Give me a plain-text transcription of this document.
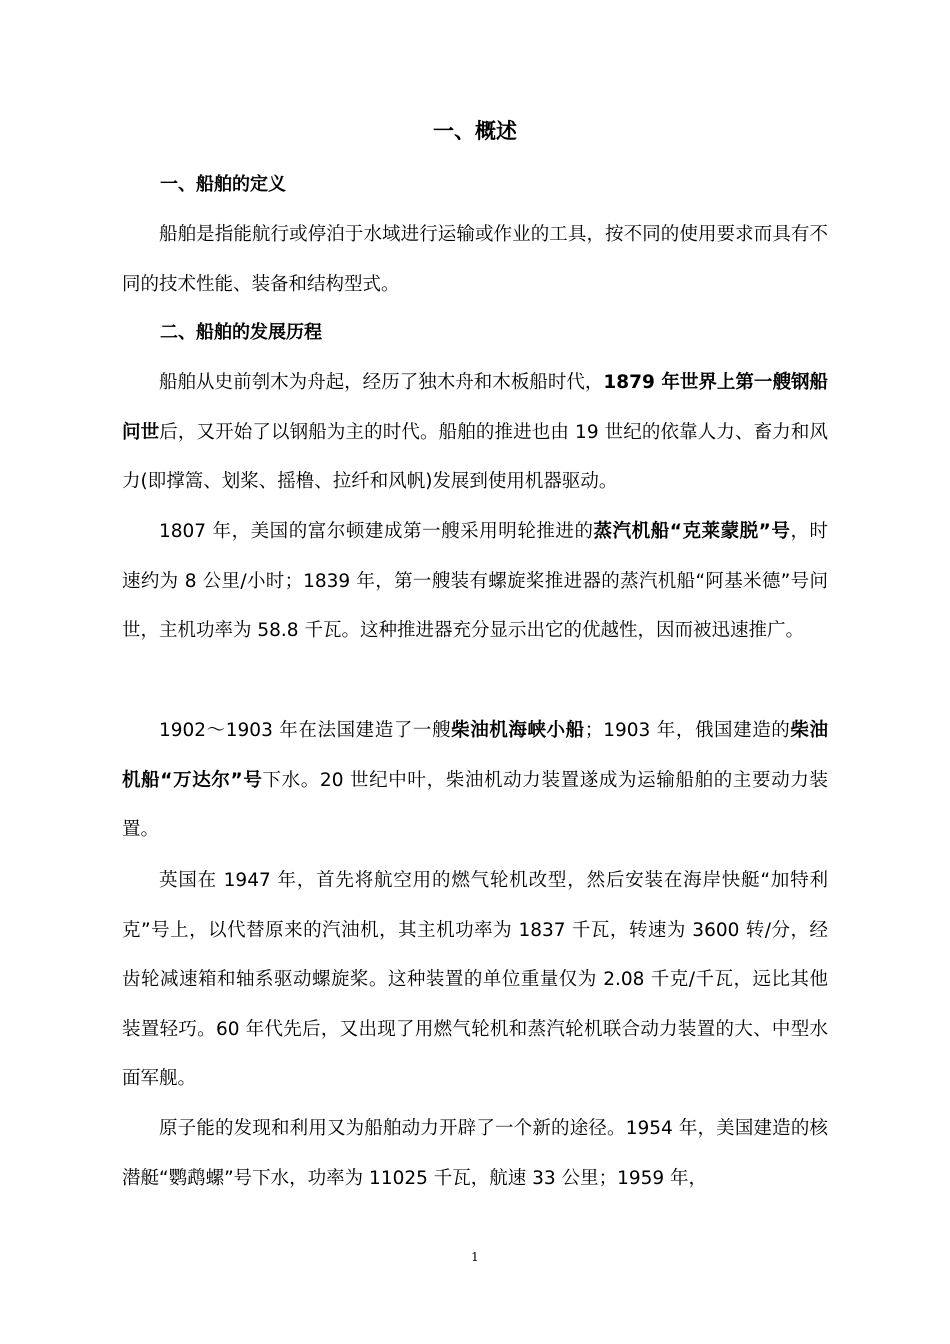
一、概述
一、船舶的定义

船舶是指能航行或停泊于水域进行运输或作业的工具，按不同的使用要求而具有不同的技术性能、装备和结构型式。

二、船舶的发展历程

船舶从史前刳木为舟起，经历了独木舟和木板船时代，1879 年世界上第一艘钢船问世后，又开始了以钢船为主的时代。船舶的推进也由 19 世纪的依靠人力、畜力和风力(即撑篙、划桨、摇橹、拉纤和风帆)发展到使用机器驱动。

1807 年，美国的富尔顿建成第一艘采用明轮推进的蒸汽机船“克莱蒙脱”号，时速约为 8 公里/小时；1839 年，第一艘装有螺旋桨推进器的蒸汽机船“阿基米德”号问世，主机功率为 58.8 千瓦。这种推进器充分显示出它的优越性，因而被迅速推广。

1902～1903 年在法国建造了一艘柴油机海峡小船；1903 年，俄国建造的柴油机船“万达尔”号下水。20 世纪中叶，柴油机动力装置遂成为运输船舶的主要动力装置。

英国在 1947 年，首先将航空用的燃气轮机改型，然后安装在海岸快艇“加特利克”号上，以代替原来的汽油机，其主机功率为 1837 千瓦，转速为 3600 转/分，经齿轮减速箱和轴系驱动螺旋桨。这种装置的单位重量仅为 2.08 千克/千瓦，远比其他装置轻巧。60 年代先后，又出现了用燃气轮机和蒸汽轮机联合动力装置的大、中型水面军舰。

原子能的发现和利用又为船舶动力开辟了一个新的途径。1954 年，美国建造的核潜艇“鹦鹉螺”号下水，功率为 11025 千瓦，航速 33 公里；1959 年，

1
